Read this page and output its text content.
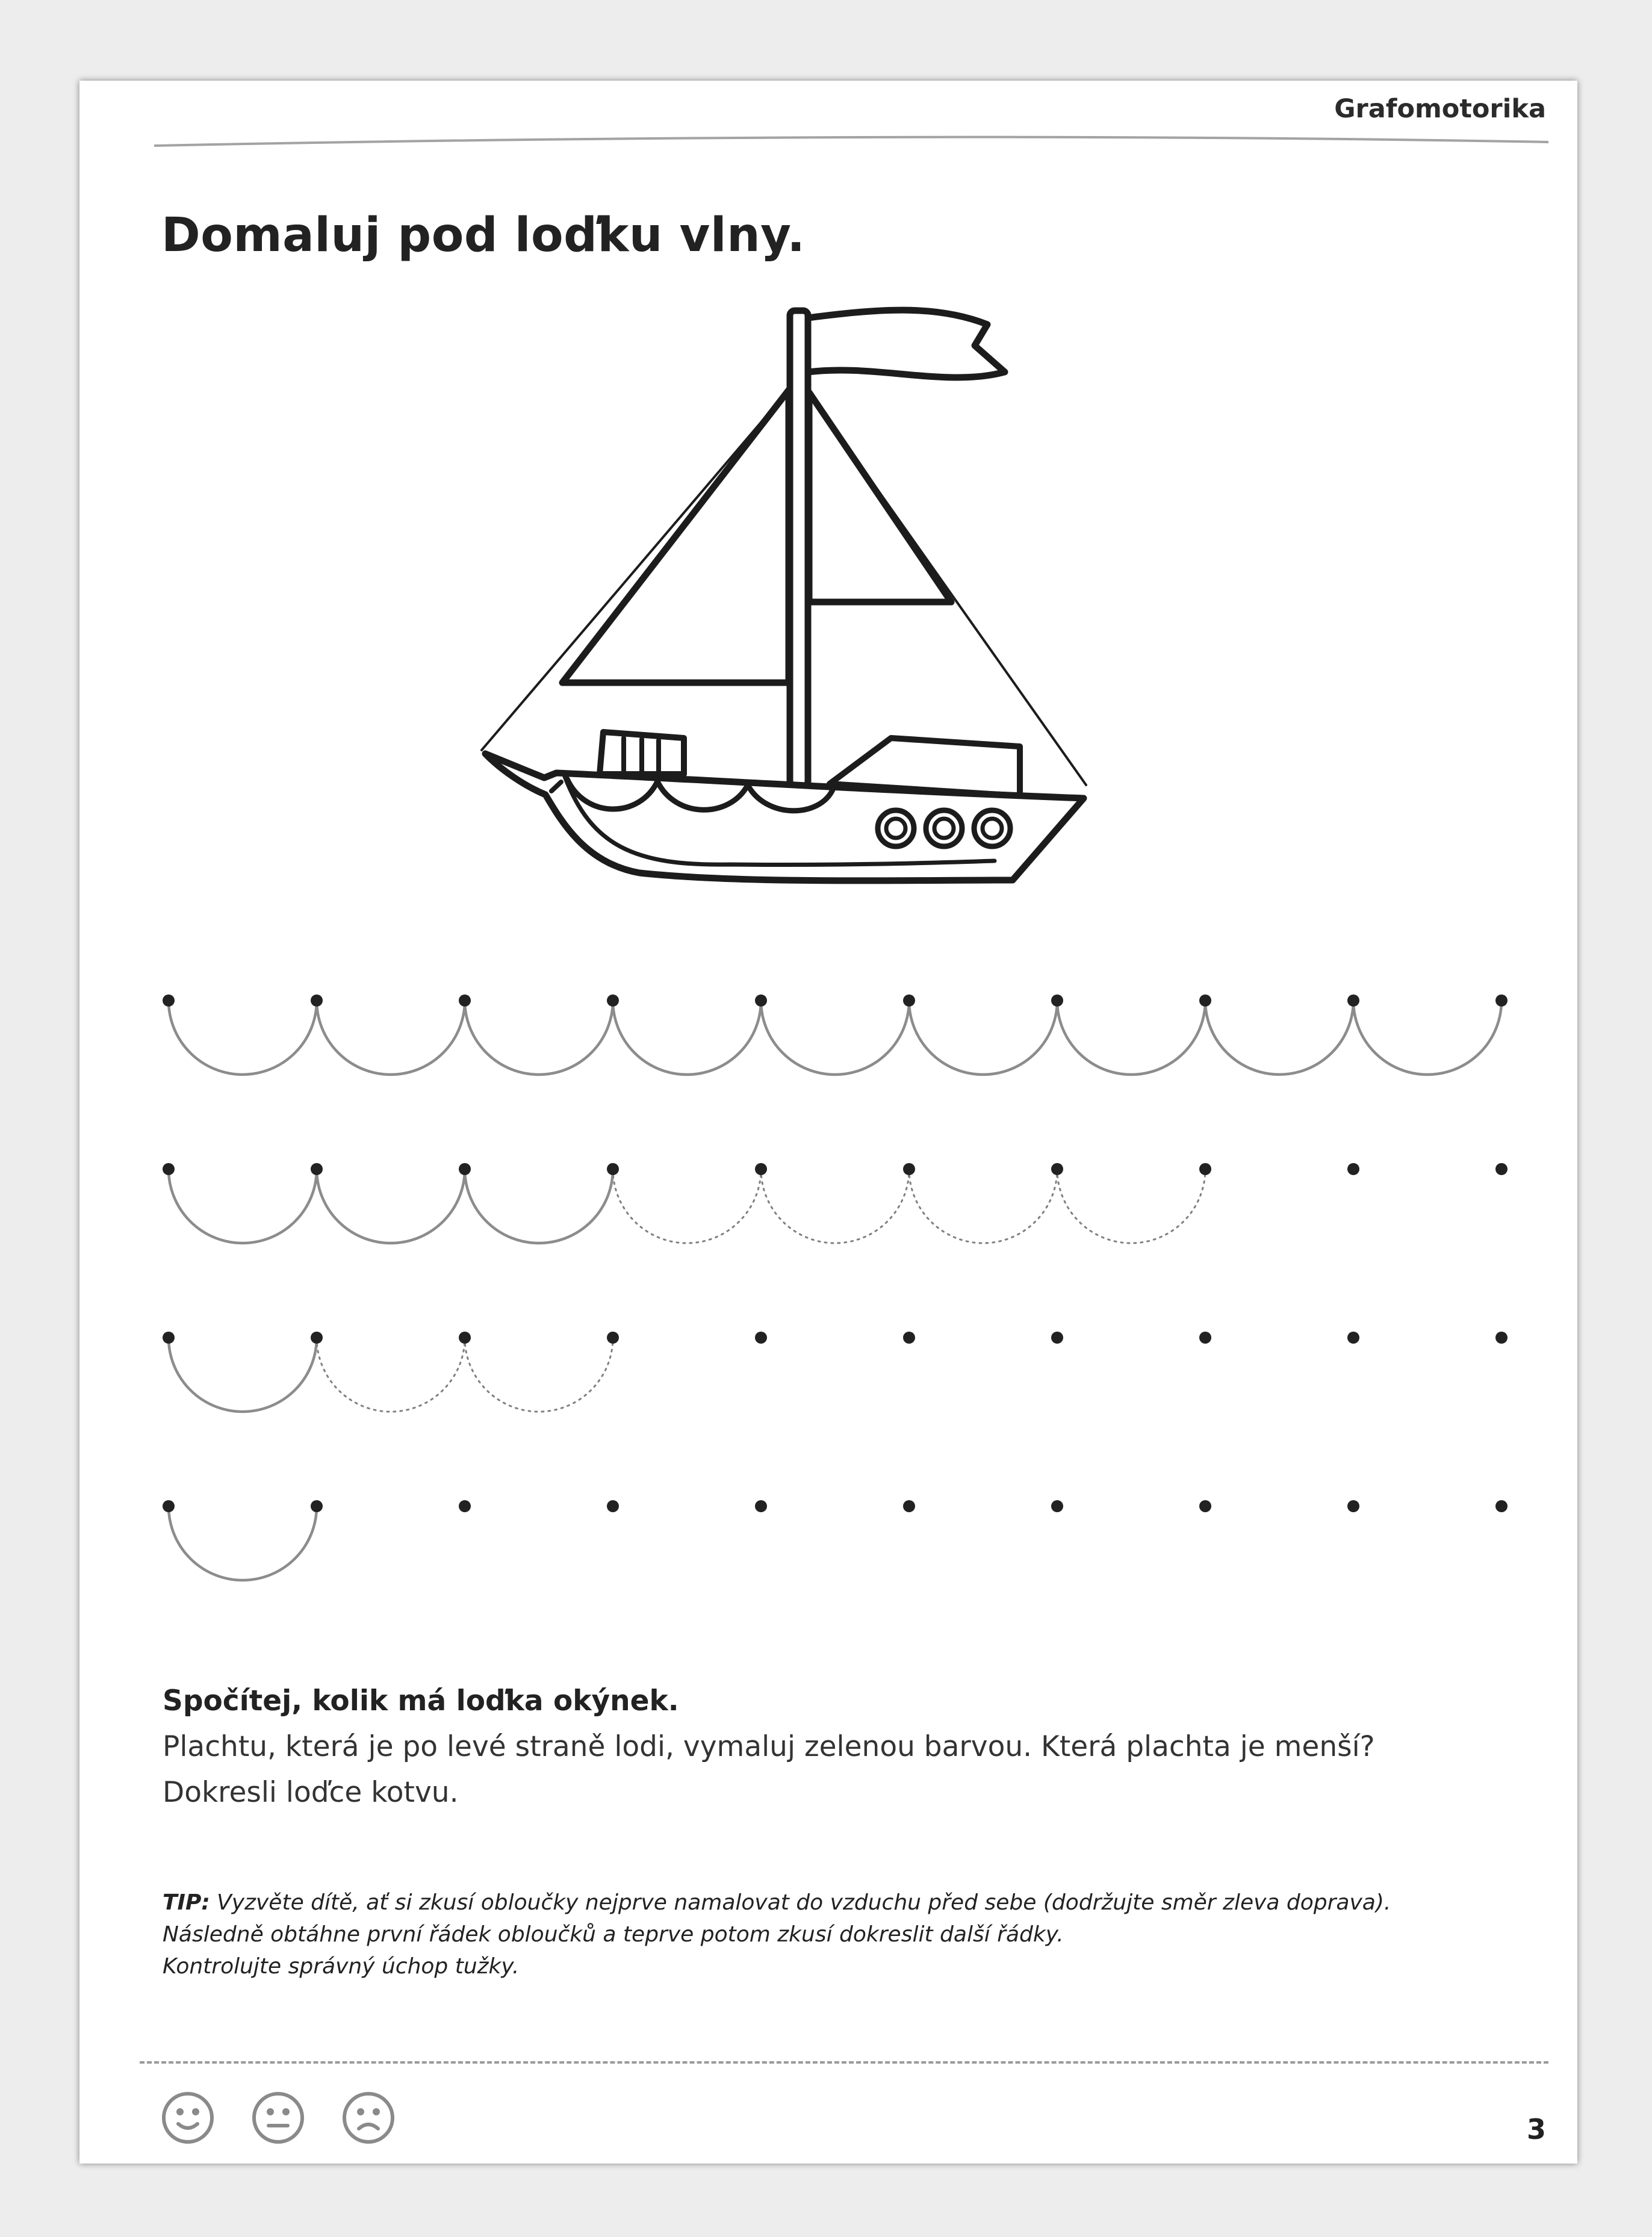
Grafomotorika
Domaluj pod loďku vlny.
Spočítej, kolik má loďka okýnek.
Plachtu, která je po levé straně lodi, vymaluj zelenou barvou. Která plachta je menší?
Dokresli loďce kotvu.
TIP: Vyzvěte dítě, ať si zkusí obloučky nejprve namalovat do vzduchu před sebe (dodržujte směr zleva doprava).
Následně obtáhne první řádek obloučků a teprve potom zkusí dokreslit další řádky.
Kontrolujte správný úchop tužky.
3
